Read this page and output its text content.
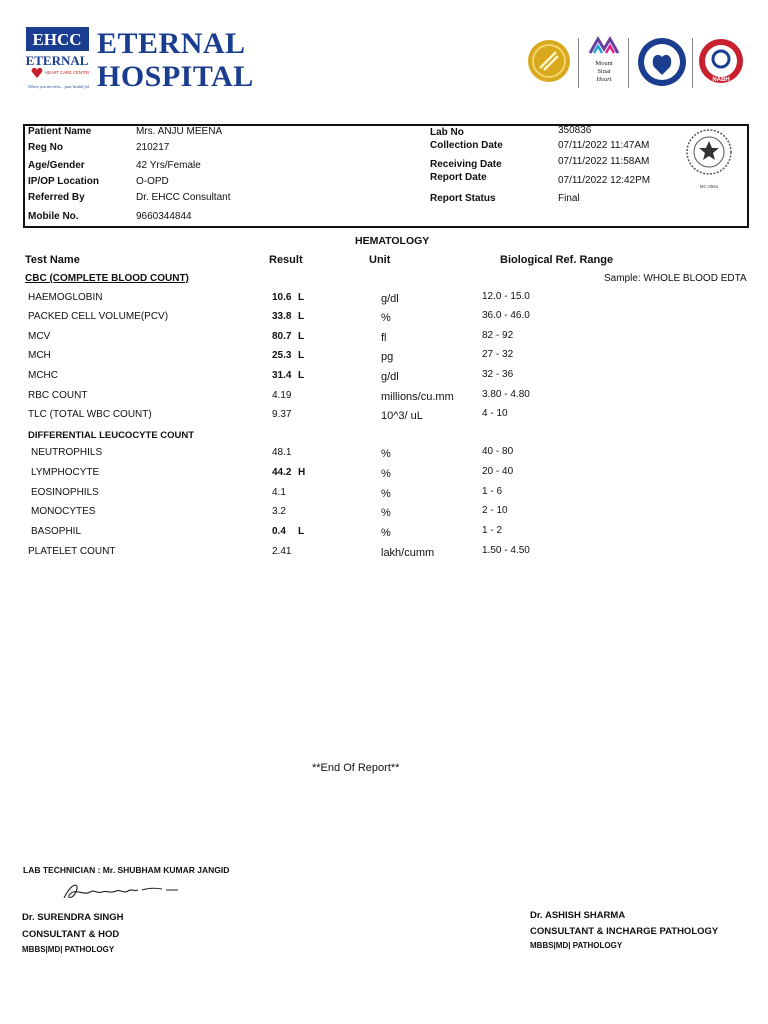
EHCC
ETERNAL
HEART CARE CENTRE
Where you are best... your health fol
ETERNAL
HOSPITAL	Mount
Sinai
Heart	NABH
Patient Name	Mrs. ANJU MEENA
Reg No	210217
Age/Gender	42 Yrs/Female
IP/OP Location	O-OPD
Referred By	Dr. EHCC Consultant
Mobile No.	9660344844
Lab No	350836
Collection Date	07/11/2022 11:47AM
Receiving Date	07/11/2022 11:58AM
Report Date	07/11/2022 12:42PM
Report Status	Final
MC-2561
HEMATOLOGY
Test Name	Result	Unit	Biological Ref. Range
CBC (COMPLETE BLOOD COUNT)	Sample: WHOLE BLOOD EDTA
HAEMOGLOBIN	10.6 L	g/dl	12.0 - 15.0
PACKED CELL VOLUME(PCV)	33.8 L	%	36.0 - 46.0
MCV	80.7 L	fl	82 - 92
MCH	25.3 L	pg	27 - 32
MCHC	31.4 L	g/dl	32 - 36
RBC COUNT	4.19	millions/cu.mm	3.80 - 4.80
TLC (TOTAL WBC COUNT)	9.37	10^3/ uL	4 - 10
NEUTROPHILS	48.1	%	40 - 80
LYMPHOCYTE	44.2 H	%	20 - 40
EOSINOPHILS	4.1	%	1 - 6
MONOCYTES	3.2	%	2 - 10
BASOPHIL	0.4 L	%	1 - 2
PLATELET COUNT	2.41	lakh/cumm	1.50 - 4.50
DIFFERENTIAL LEUCOCYTE COUNT
**End Of Report**
LAB TECHNICIAN : Mr. SHUBHAM KUMAR JANGID
Dr. SURENDRA SINGH
CONSULTANT & HOD
MBBS|MD| PATHOLOGY
Dr. ASHISH SHARMA
CONSULTANT & INCHARGE PATHOLOGY
MBBS|MD| PATHOLOGY
